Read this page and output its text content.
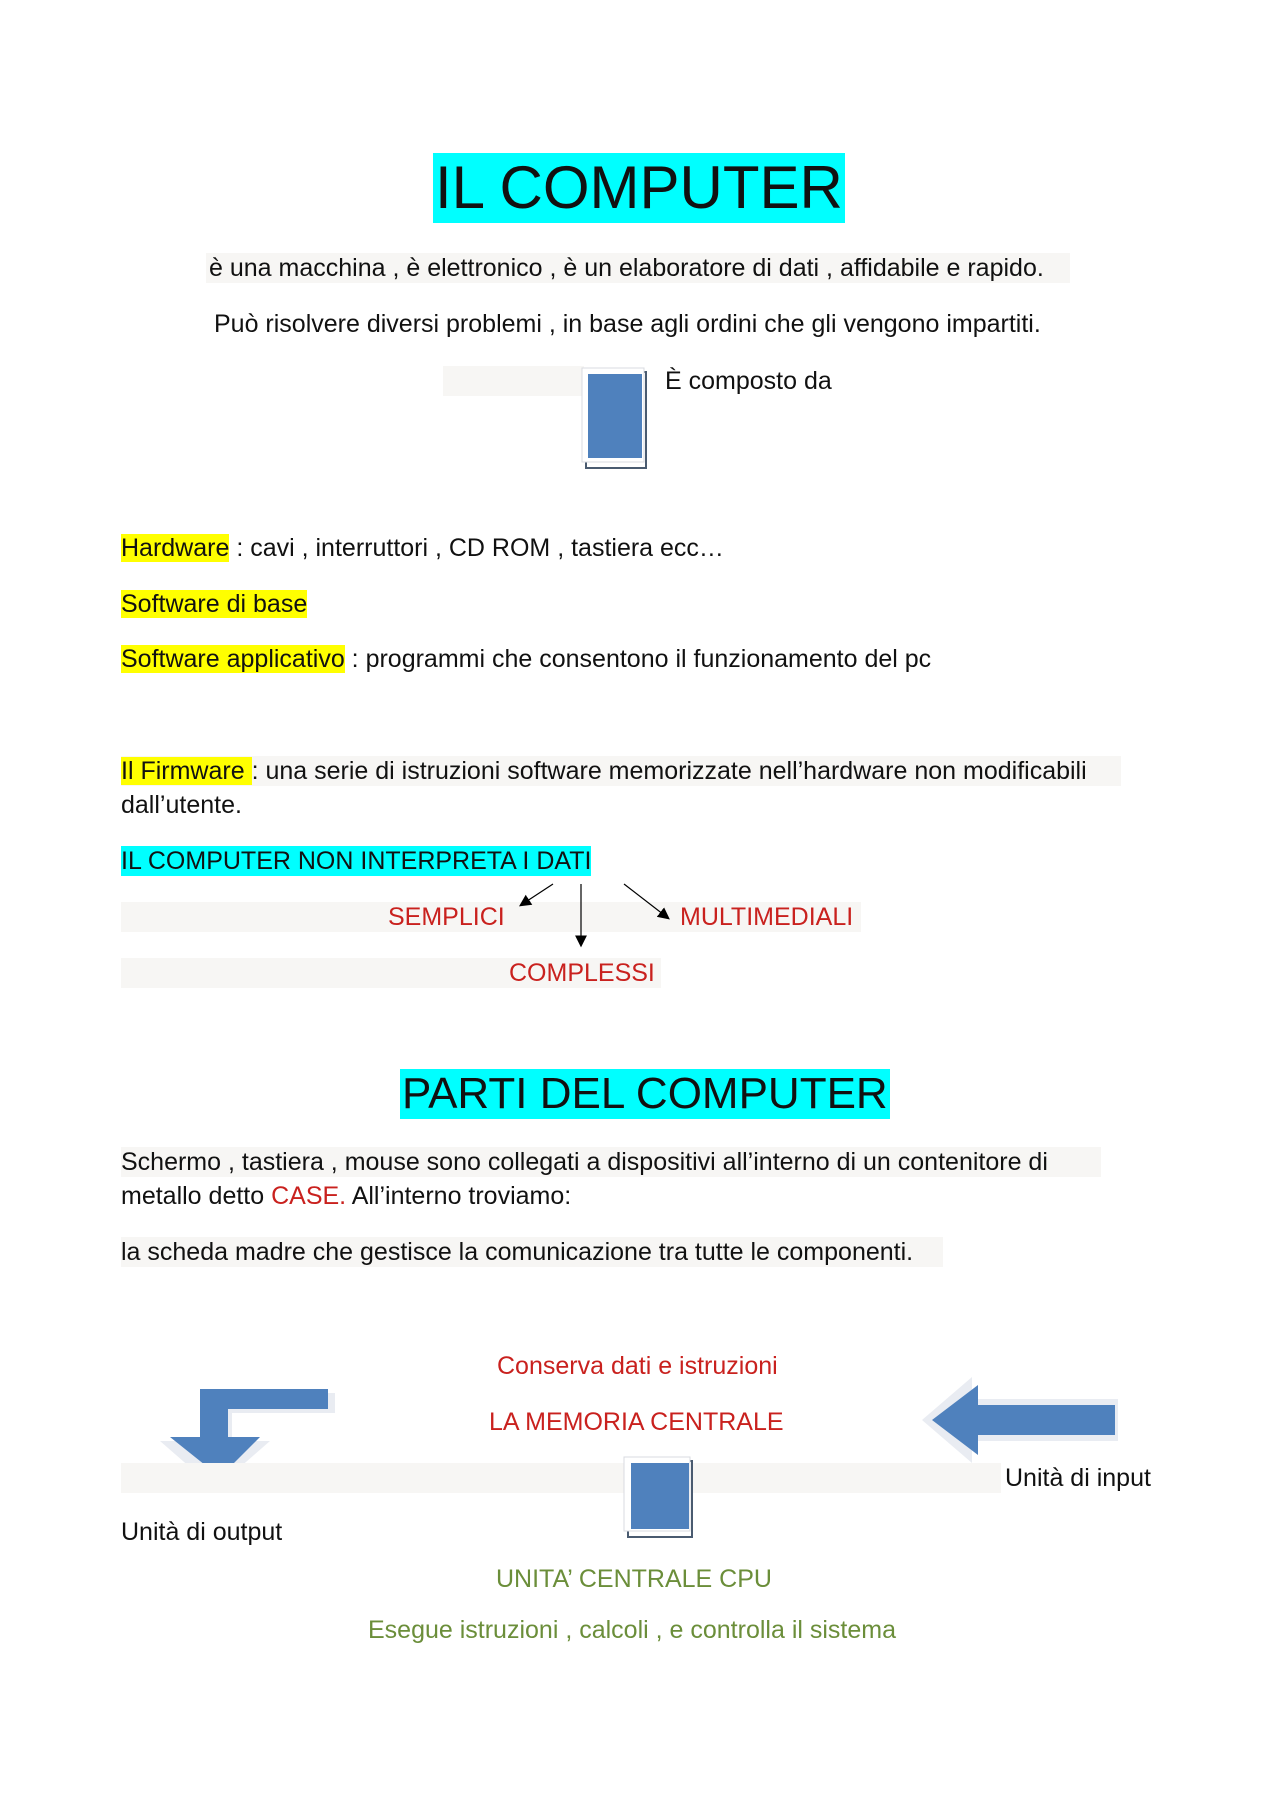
IL COMPUTER
è una macchina , è elettronico , è un elaboratore di dati , affidabile e rapido.
Può risolvere diversi problemi , in base agli ordini che gli vengono impartiti.
È composto da
Hardware : cavi , interruttori , CD ROM , tastiera ecc…
Software di base
Software applicativo : programmi che consentono il funzionamento del pc
Il Firmware : una serie di istruzioni software memorizzate nell’hardware non modificabili
dall’utente.
IL COMPUTER NON INTERPRETA I DATI
SEMPLICI	MULTIMEDIALI
COMPLESSI
PARTI DEL COMPUTER
Schermo , tastiera , mouse sono collegati a dispositivi all’interno di un contenitore di
metallo detto CASE. All’interno troviamo:
la scheda madre che gestisce la comunicazione tra tutte le componenti.
Conserva dati e istruzioni
LA MEMORIA CENTRALE
Unità di input
Unità di output
UNITA’ CENTRALE CPU
Esegue istruzioni , calcoli , e controlla il sistema
